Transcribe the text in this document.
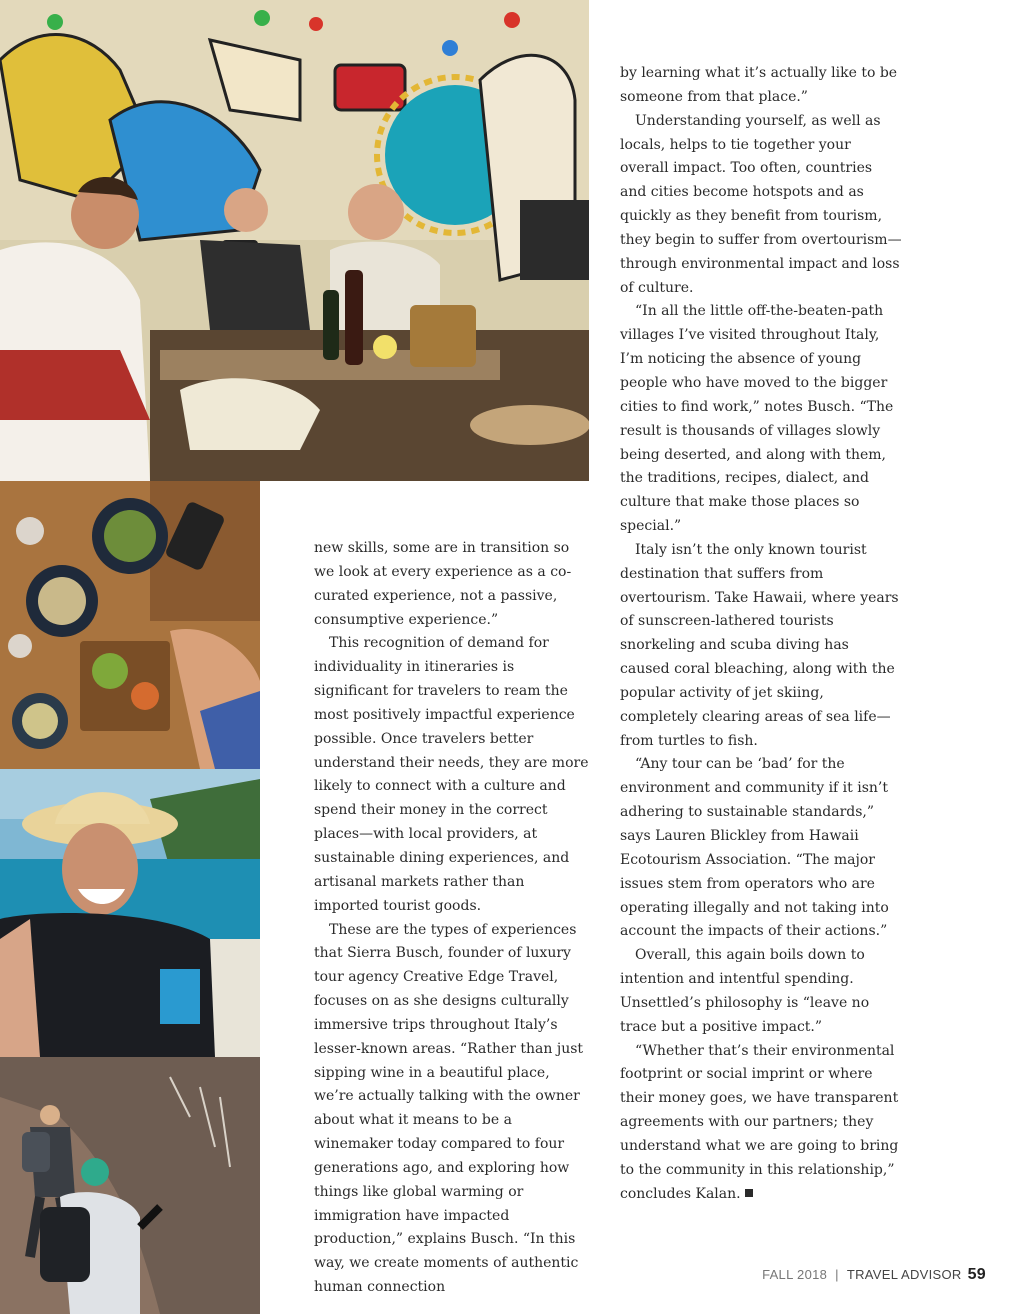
new skills, some are in transition so we look at every experience as a co-curated experience, not a passive, consumptive experience.”

This recognition of demand for individuality in itineraries is significant for travelers to ream the most positively impactful experience possible. Once travelers better understand their needs, they are more likely to connect with a culture and spend their money in the correct places—with local providers, at sustainable dining experiences, and artisanal markets rather than imported tourist goods.

These are the types of experiences that Sierra Busch, founder of luxury tour agency Creative Edge Travel, focuses on as she designs culturally immersive trips throughout Italy’s lesser-known areas. “Rather than just sipping wine in a beautiful place, we’re actually talking with the owner about what it means to be a winemaker today compared to four generations ago, and exploring how things like global warming or immigration have impacted production,” explains Busch. “In this way, we create moments of authentic human connection

by learning what it’s actually like to be someone from that place.”

Understanding yourself, as well as locals, helps to tie together your overall impact. Too often, countries and cities become hotspots and as quickly as they benefit from tourism, they begin to suffer from overtourism—through environmental impact and loss of culture.

“In all the little off-the-beaten-path villages I’ve visited throughout Italy, I’m noticing the absence of young people who have moved to the bigger cities to find work,” notes Busch. “The result is thousands of villages slowly being deserted, and along with them, the traditions, recipes, dialect, and culture that make those places so special.”

Italy isn’t the only known tourist destination that suffers from overtourism. Take Hawaii, where years of sunscreen-lathered tourists snorkeling and scuba diving has caused coral bleaching, along with the popular activity of jet skiing, completely clearing areas of sea life—from turtles to fish.

“Any tour can be ‘bad’ for the environment and community if it isn’t adhering to sustainable standards,” says Lauren Blickley from Hawaii Ecotourism Association. “The major issues stem from operators who are operating illegally and not taking into account the impacts of their actions.”

Overall, this again boils down to intention and intentful spending. Unsettled’s philosophy is “leave no trace but a positive impact.”

“Whether that’s their environmental footprint or social imprint or where their money goes, we have transparent agreements with our partners; they understand what we are going to bring to the community in this relationship,” concludes Kalan.

FALL 2018 | TRAVEL ADVISOR 59
